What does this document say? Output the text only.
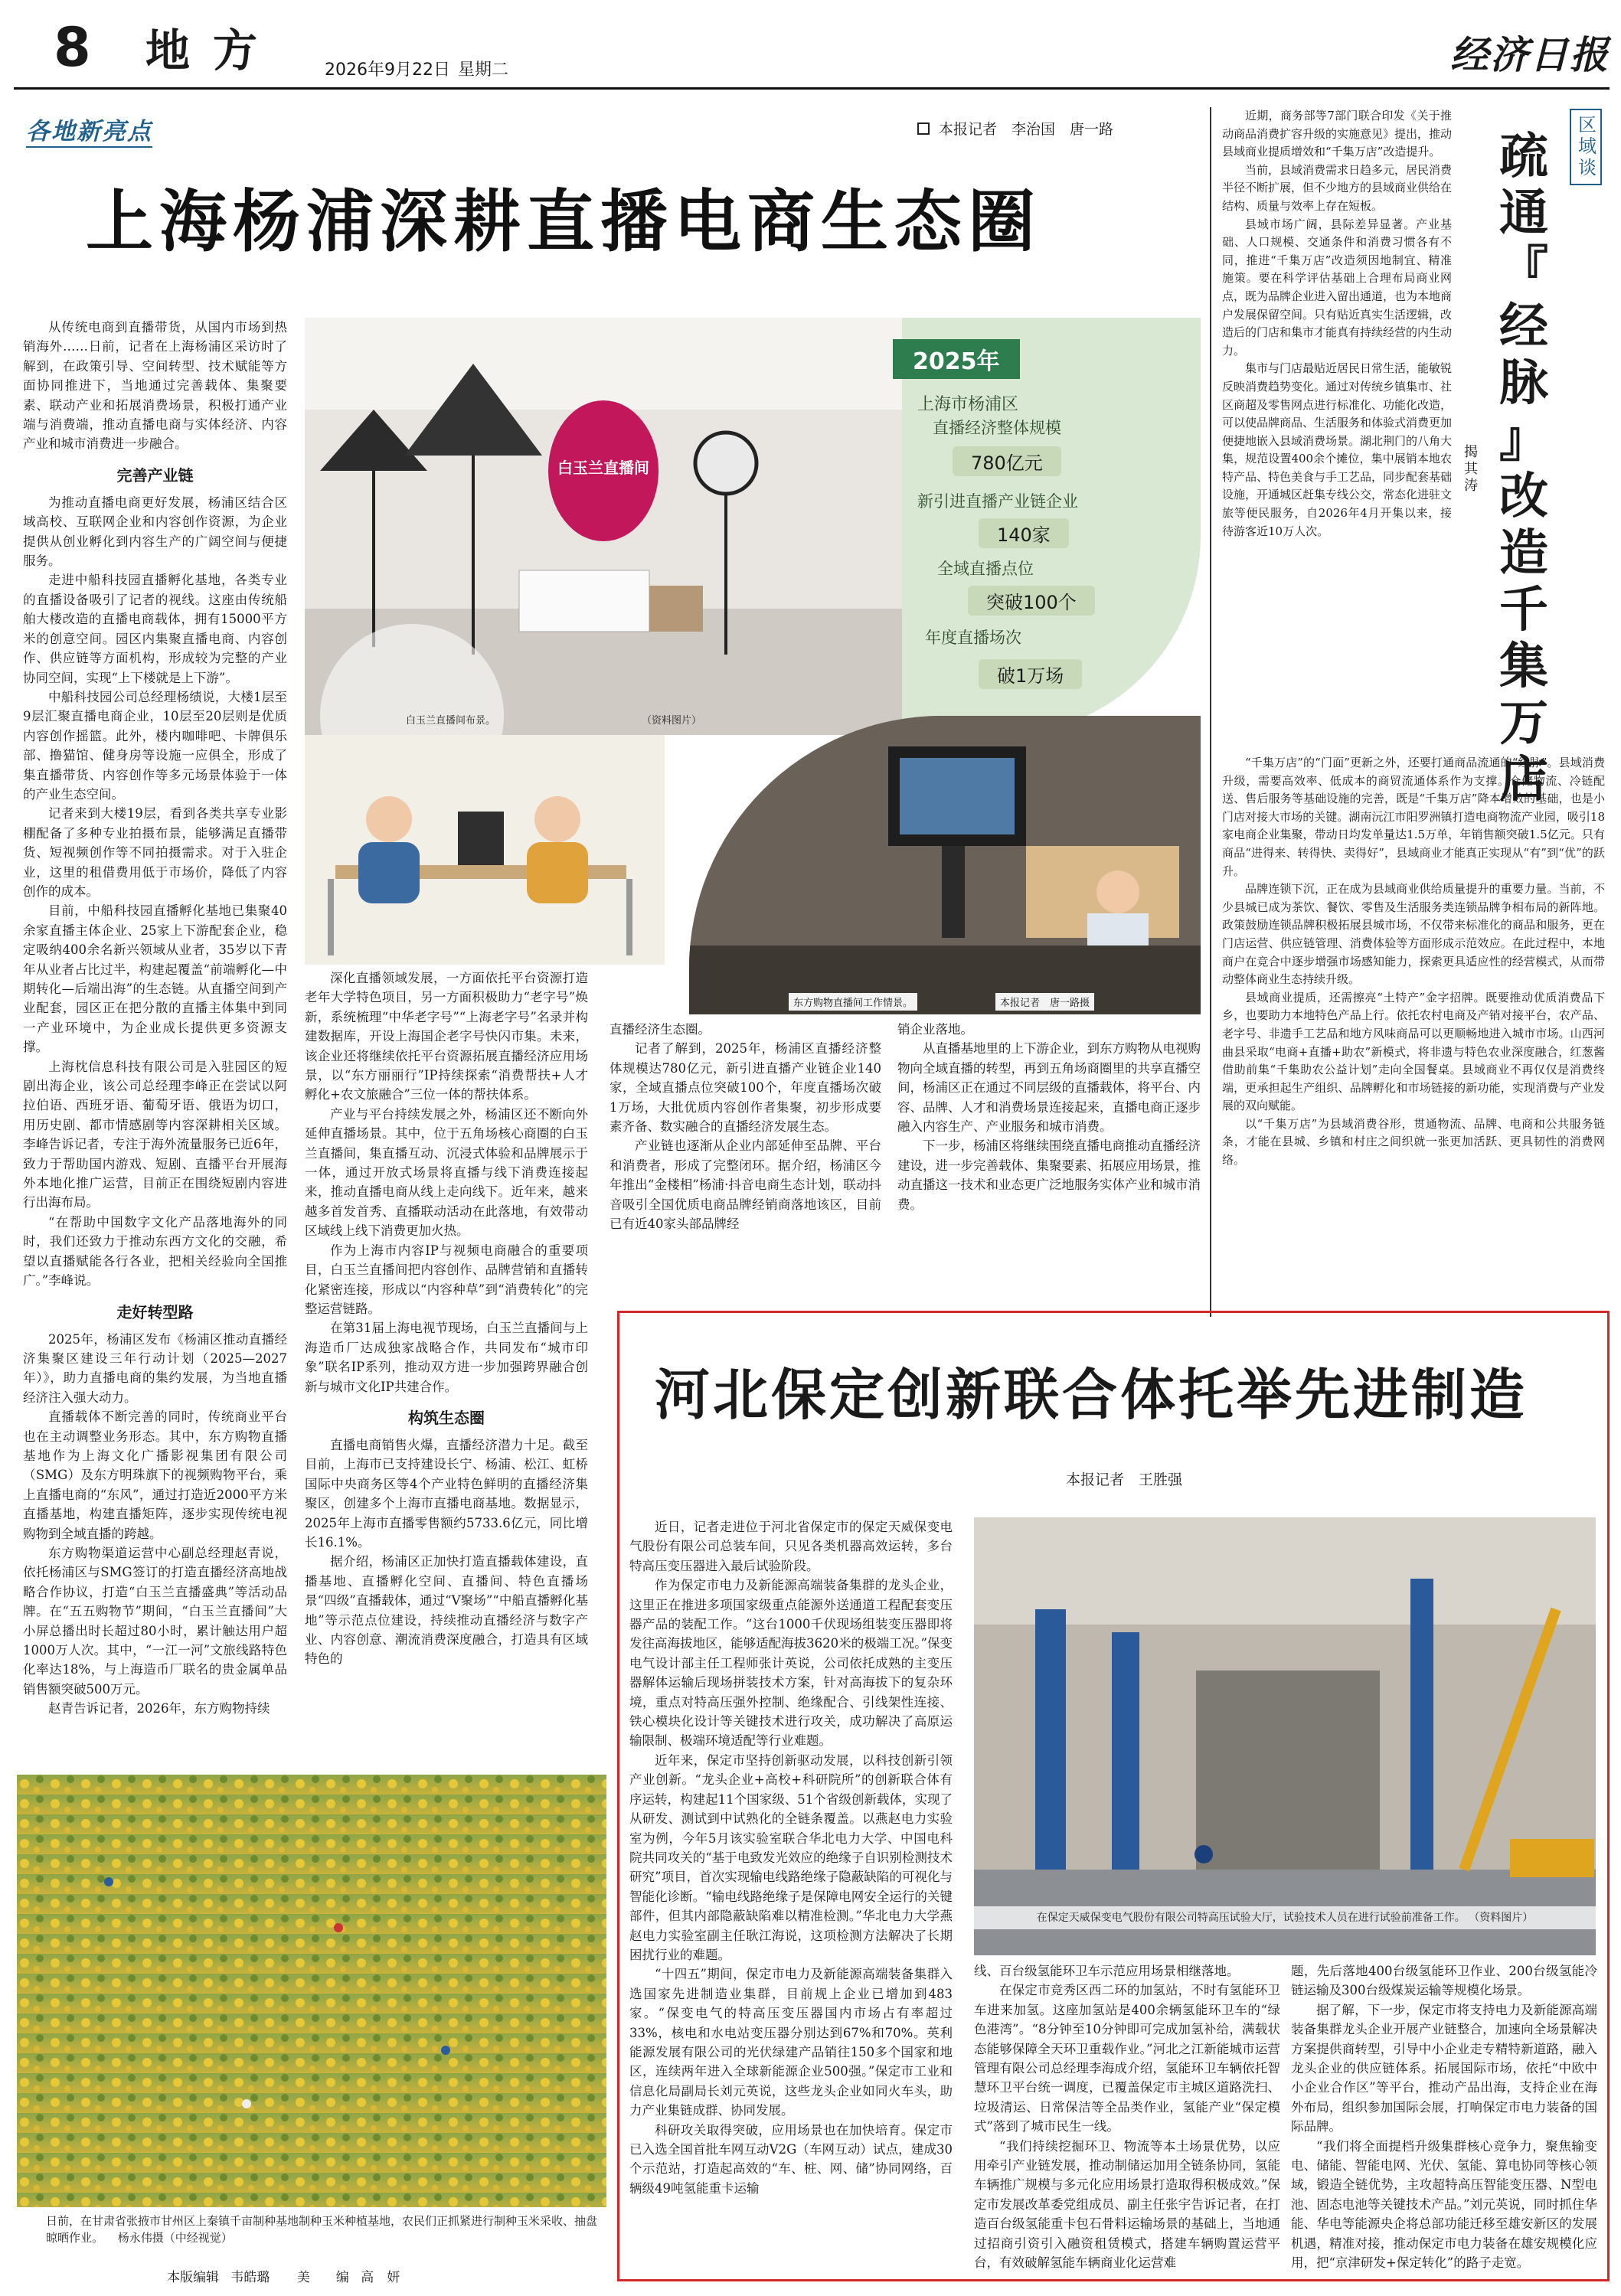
8 地方	2026年9月22日 星期二	经济日报
各地新亮点	本报记者　李治国　唐一路
上海杨浦深耕直播电商生态圈

从传统电商到直播带货，从国内市场到热销海外……日前，记者在上海杨浦区采访时了解到，在政策引导、空间转型、技术赋能等方面协同推进下，当地通过完善载体、集聚要素、联动产业和拓展消费场景，积极打通产业端与消费端，推动直播电商与实体经济、内容产业和城市消费进一步融合。

完善产业链

为推动直播电商更好发展，杨浦区结合区域高校、互联网企业和内容创作资源，为企业提供从创业孵化到内容生产的广阔空间与便捷服务。

走进中船科技园直播孵化基地，各类专业的直播设备吸引了记者的视线。这座由传统船舶大楼改造的直播电商载体，拥有15000平方米的创意空间。园区内集聚直播电商、内容创作、供应链等方面机构，形成较为完整的产业协同空间，实现“上下楼就是上下游”。

中船科技园公司总经理杨绩说，大楼1层至9层汇聚直播电商企业，10层至20层则是优质内容创作摇篮。此外，楼内咖啡吧、卡牌俱乐部、撸猫馆、健身房等设施一应俱全，形成了集直播带货、内容创作等多元场景体验于一体的产业生态空间。

记者来到大楼19层，看到各类共享专业影棚配备了多种专业拍摄布景，能够满足直播带货、短视频创作等不同拍摄需求。对于入驻企业，这里的租借费用低于市场价，降低了内容创作的成本。

目前，中船科技园直播孵化基地已集聚40余家直播主体企业、25家上下游配套企业，稳定吸纳400余名新兴领域从业者，35岁以下青年从业者占比过半，构建起覆盖“前端孵化—中期转化—后端出海”的生态链。从直播空间到产业配套，园区正在把分散的直播主体集中到同一产业环境中，为企业成长提供更多资源支撑。

上海枕信息科技有限公司是入驻园区的短剧出海企业，该公司总经理李峰正在尝试以阿拉伯语、西班牙语、葡萄牙语、俄语为切口，用历史剧、都市情感剧等内容深耕相关区域。李峰告诉记者，专注于海外流量服务已近6年，致力于帮助国内游戏、短剧、直播平台开展海外本地化推广运营，目前正在围绕短剧内容进行出海布局。

“在帮助中国数字文化产品落地海外的同时，我们还致力于推动东西方文化的交融，希望以直播赋能各行各业，把相关经验向全国推广。”李峰说。

走好转型路

2025年，杨浦区发布《杨浦区推动直播经济集聚区建设三年行动计划（2025—2027年）》，助力直播电商的集约发展，为当地直播经济注入强大动力。

直播载体不断完善的同时，传统商业平台也在主动调整业务形态。其中，东方购物直播基地作为上海文化广播影视集团有限公司（SMG）及东方明珠旗下的视频购物平台，乘上直播电商的“东风”，通过打造近2000平方米直播基地，构建直播矩阵，逐步实现传统电视购物到全域直播的跨越。

东方购物渠道运营中心副总经理赵青说，依托杨浦区与SMG签订的打造直播经济高地战略合作协议，打造“白玉兰直播盛典”等活动品牌。在“五五购物节”期间，“白玉兰直播间”大小屏总播出时长超过80小时，累计触达用户超1000万人次。其中，“一江一河”文旅线路特色化率达18%，与上海造币厂联名的贵金属单品销售额突破500万元。

赵青告诉记者，2026年，东方购物持续

白玉兰直播间
2025年
上海市杨浦区
直播经济整体规模
780亿元
新引进直播产业链企业
140家
全域直播点位
突破100个
年度直播场次
破1万场
白玉兰直播间布景。	（资料图片）
东方购物直播间工作情景。	本报记者　唐一路摄

深化直播领域发展，一方面依托平台资源打造老年大学特色项目，另一方面积极助力“老字号”焕新，系统梳理“中华老字号”“上海老字号”名录并构建数据库，开设上海国企老字号快闪市集。未来，该企业还将继续依托平台资源拓展直播经济应用场景，以“东方丽丽行”IP持续探索“消费帮扶+人才孵化+农文旅融合”三位一体的帮扶体系。

产业与平台持续发展之外，杨浦区还不断向外延伸直播场景。其中，位于五角场核心商圈的白玉兰直播间，集直播互动、沉浸式体验和品牌展示于一体，通过开放式场景将直播与线下消费连接起来，推动直播电商从线上走向线下。近年来，越来越多首发首秀、直播联动活动在此落地，有效带动区域线上线下消费更加火热。

作为上海市内容IP与视频电商融合的重要项目，白玉兰直播间把内容创作、品牌营销和直播转化紧密连接，形成以“内容种草”到“消费转化”的完整运营链路。

在第31届上海电视节现场，白玉兰直播间与上海造币厂达成独家战略合作，共同发布“城市印象”联名IP系列，推动双方进一步加强跨界融合创新与城市文化IP共建合作。

构筑生态圈

直播电商销售火爆，直播经济潜力十足。截至目前，上海市已支持建设长宁、杨浦、松江、虹桥国际中央商务区等4个产业特色鲜明的直播经济集聚区，创建多个上海市直播电商基地。数据显示，2025年上海市直播零售额约5733.6亿元，同比增长16.1%。

据介绍，杨浦区正加快打造直播载体建设，直播基地、直播孵化空间、直播间、特色直播场景“四级”直播载体，通过“V聚场”“中船直播孵化基地”等示范点位建设，持续推动直播经济与数字产业、内容创意、潮流消费深度融合，打造具有区域特色的

直播经济生态圈。

记者了解到，2025年，杨浦区直播经济整体规模达780亿元，新引进直播产业链企业140家，全域直播点位突破100个，年度直播场次破1万场，大批优质内容创作者集聚，初步形成要素齐备、数实融合的直播经济发展生态。

产业链也逐渐从企业内部延伸至品牌、平台和消费者，形成了完整闭环。据介绍，杨浦区今年推出“金楼相”杨浦·抖音电商生态计划，联动抖音吸引全国优质电商品牌经销商落地该区，目前已有近40家头部品牌经

销企业落地。

从直播基地里的上下游企业，到东方购物从电视购物向全域直播的转型，再到五角场商圈里的共享直播空间，杨浦区正在通过不同层级的直播载体，将平台、内容、品牌、人才和消费场景连接起来，直播电商正逐步融入内容生产、产业服务和城市消费。

下一步，杨浦区将继续围绕直播电商推动直播经济建设，进一步完善载体、集聚要素、拓展应用场景，推动直播这一技术和业态更广泛地服务实体产业和城市消费。

区域谈
疏
通
『
经
脉
』
改
造
千
集
万
店
揭其涛

近期，商务部等7部门联合印发《关于推动商品消费扩容升级的实施意见》提出，推动县域商业提质增效和“千集万店”改造提升。

当前，县域消费需求日趋多元，居民消费半径不断扩展，但不少地方的县域商业供给在结构、质量与效率上存在短板。

县域市场广阔，县际差异显著。产业基础、人口规模、交通条件和消费习惯各有不同，推进“千集万店”改造须因地制宜、精准施策。要在科学评估基础上合理布局商业网点，既为品牌企业进入留出通道，也为本地商户发展保留空间。只有贴近真实生活逻辑，改造后的门店和集市才能真有持续经营的内生动力。

集市与门店最贴近居民日常生活，能敏锐反映消费趋势变化。通过对传统乡镇集市、社区商超及零售网点进行标准化、功能化改造，可以使品牌商品、生活服务和体验式消费更加便捷地嵌入县域消费场景。湖北荆门的八角大集，规范设置400余个摊位，集中展销本地农特产品、特色美食与手工艺品，同步配套基础设施，开通城区赶集专线公交，常态化进驻文旅等便民服务，自2026年4月开集以来，接待游客近10万人次。

“千集万店”的“门面”更新之外，还要打通商品流通的“经脉”。县域消费升级，需要高效率、低成本的商贸流通体系作为支撑。仓储物流、冷链配送、售后服务等基础设施的完善，既是“千集万店”降本增效的基础，也是小门店对接大市场的关键。湖南沅江市阳罗洲镇打造电商物流产业园，吸引18家电商企业集聚，带动日均发单量达1.5万单，年销售额突破1.5亿元。只有商品“进得来、转得快、卖得好”，县域商业才能真正实现从“有”到“优”的跃升。

品牌连锁下沉，正在成为县域商业供给质量提升的重要力量。当前，不少县城已成为茶饮、餐饮、零售及生活服务类连锁品牌争相布局的新阵地。政策鼓励连锁品牌积极拓展县城市场，不仅带来标准化的商品和服务，更在门店运营、供应链管理、消费体验等方面形成示范效应。在此过程中，本地商户在竞合中逐步增强市场感知能力，探索更具适应性的经营模式，从而带动整体商业生态持续升级。

县域商业提质，还需擦亮“土特产”金字招牌。既要推动优质消费品下乡，也要助力本地特色产品上行。依托农村电商及产销对接平台，农产品、老字号、非遗手工艺品和地方风味商品可以更顺畅地进入城市市场。山西河曲县采取“电商+直播+助农”新模式，将非遗与特色农业深度融合，红葱酱借助前集“千集助农公益计划”走向全国餐桌。县域商业不再仅仅是消费终端，更承担起生产组织、品牌孵化和市场链接的新功能，实现消费与产业发展的双向赋能。

以“千集万店”为县域消费谷形，贯通物流、品牌、电商和公共服务链条，才能在县城、乡镇和村庄之间织就一张更加活跃、更具韧性的消费网络。

日前，在甘肃省张掖市甘州区上秦镇千亩制种基地制种玉米种植基地，农民们正抓紧进行制种玉米采收、抽盘晾晒作业。 杨永伟摄（中经视觉）
河北保定创新联合体托举先进制造
本报记者　王胜强

近日，记者走进位于河北省保定市的保定天威保变电气股份有限公司总装车间，只见各类机器高效运转，多台特高压变压器进入最后试验阶段。

作为保定市电力及新能源高端装备集群的龙头企业，这里正在推进多项国家级重点能源外送通道工程配套变压器产品的装配工作。“这台1000千伏现场组装变压器即将发往高海拔地区，能够适配海拔3620米的极端工况。”保变电气设计部主任工程师张计英说，公司依托成熟的主变压器解体运输后现场拼装技术方案，针对高海拔下的复杂环境，重点对特高压强外控制、绝缘配合、引线架性连接、铁心模块化设计等关键技术进行攻关，成功解决了高原运输限制、极端环境适配等行业难题。

近年来，保定市坚持创新驱动发展，以科技创新引领产业创新。“龙头企业+高校+科研院所”的创新联合体有序运转，构建起11个国家级、51个省级创新载体，实现了从研发、测试到中试熟化的全链条覆盖。以燕赵电力实验室为例，今年5月该实验室联合华北电力大学、中国电科院共同攻关的“基于电致发光效应的绝缘子自识别检测技术研究”项目，首次实现输电线路绝缘子隐蔽缺陷的可视化与智能化诊断。“输电线路绝缘子是保障电网安全运行的关键部件，但其内部隐蔽缺陷难以精准检测。”华北电力大学燕赵电力实验室副主任耿江海说，这项检测方法解决了长期困扰行业的难题。

“十四五”期间，保定市电力及新能源高端装备集群入选国家先进制造业集群，目前规上企业已增加到483家。“保变电气的特高压变压器国内市场占有率超过33%，核电和水电站变压器分别达到67%和70%。英利能源发展有限公司的光伏绿建产品销往150多个国家和地区，连续两年进入全球新能源企业500强。”保定市工业和信息化局副局长刘元英说，这些龙头企业如同火车头，助力产业集链成群、协同发展。

科研攻关取得突破，应用场景也在加快培育。保定市已入选全国首批车网互动V2G（车网互动）试点，建成30个示范站，打造起高效的“车、桩、网、储”协同网络，百辆级49吨氢能重卡运输

在保定天威保变电气股份有限公司特高压试验大厅，试验技术人员在进行试验前准备工作。 （资料图片）

线、百台级氢能环卫车示范应用场景相继落地。

在保定市竞秀区西二环的加氢站，不时有氢能环卫车进来加氢。这座加氢站是400余辆氢能环卫车的“绿色港湾”。“8分钟至10分钟即可完成加氢补给，满载状态能够保障全天环卫重载作业。”河北之江新能城市运营管理有限公司总经理李海成介绍，氢能环卫车辆依托智慧环卫平台统一调度，已覆盖保定市主城区道路洗扫、垃圾清运、日常保洁等全品类作业，氢能产业“保定模式”落到了城市民生一线。

“我们持续挖掘环卫、物流等本土场景优势，以应用牵引产业链发展，推动制储运加用全链条协同，氢能车辆推广规模与多元化应用场景打造取得积极成效。”保定市发展改革委党组成员、副主任张宇告诉记者，在打造百台级氢能重卡包石骨料运输场景的基础上，当地通过招商引资引入融资租赁模式，搭建车辆购置运营平台，有效破解氢能车辆商业化运营难

题，先后落地400台级氢能环卫作业、200台级氢能冷链运输及300台级煤炭运输等规模化场景。

据了解，下一步，保定市将支持电力及新能源高端装备集群龙头企业开展产业链整合，加速向全场景解决方案提供商转型，引导中小企业走专精特新道路，融入龙头企业的供应链体系。拓展国际市场，依托“中欧中小企业合作区”等平台，推动产品出海，支持企业在海外布局，组织参加国际会展，打响保定市电力装备的国际品牌。

“我们将全面提档升级集群核心竞争力，聚焦输变电、储能、智能电网、光伏、氢能、算电协同等核心领域，锻造全链优势，主攻超特高压智能变压器、N型电池、固态电池等关键技术产品。”刘元英说，同时抓住华能、华电等能源央企将总部功能迁移至雄安新区的发展机遇，精准对接，推动保定市电力装备在雄安规模化应用，把“京津研发+保定转化”的路子走宽。

本版编辑 韦皓璐 美　　编 高　妍
